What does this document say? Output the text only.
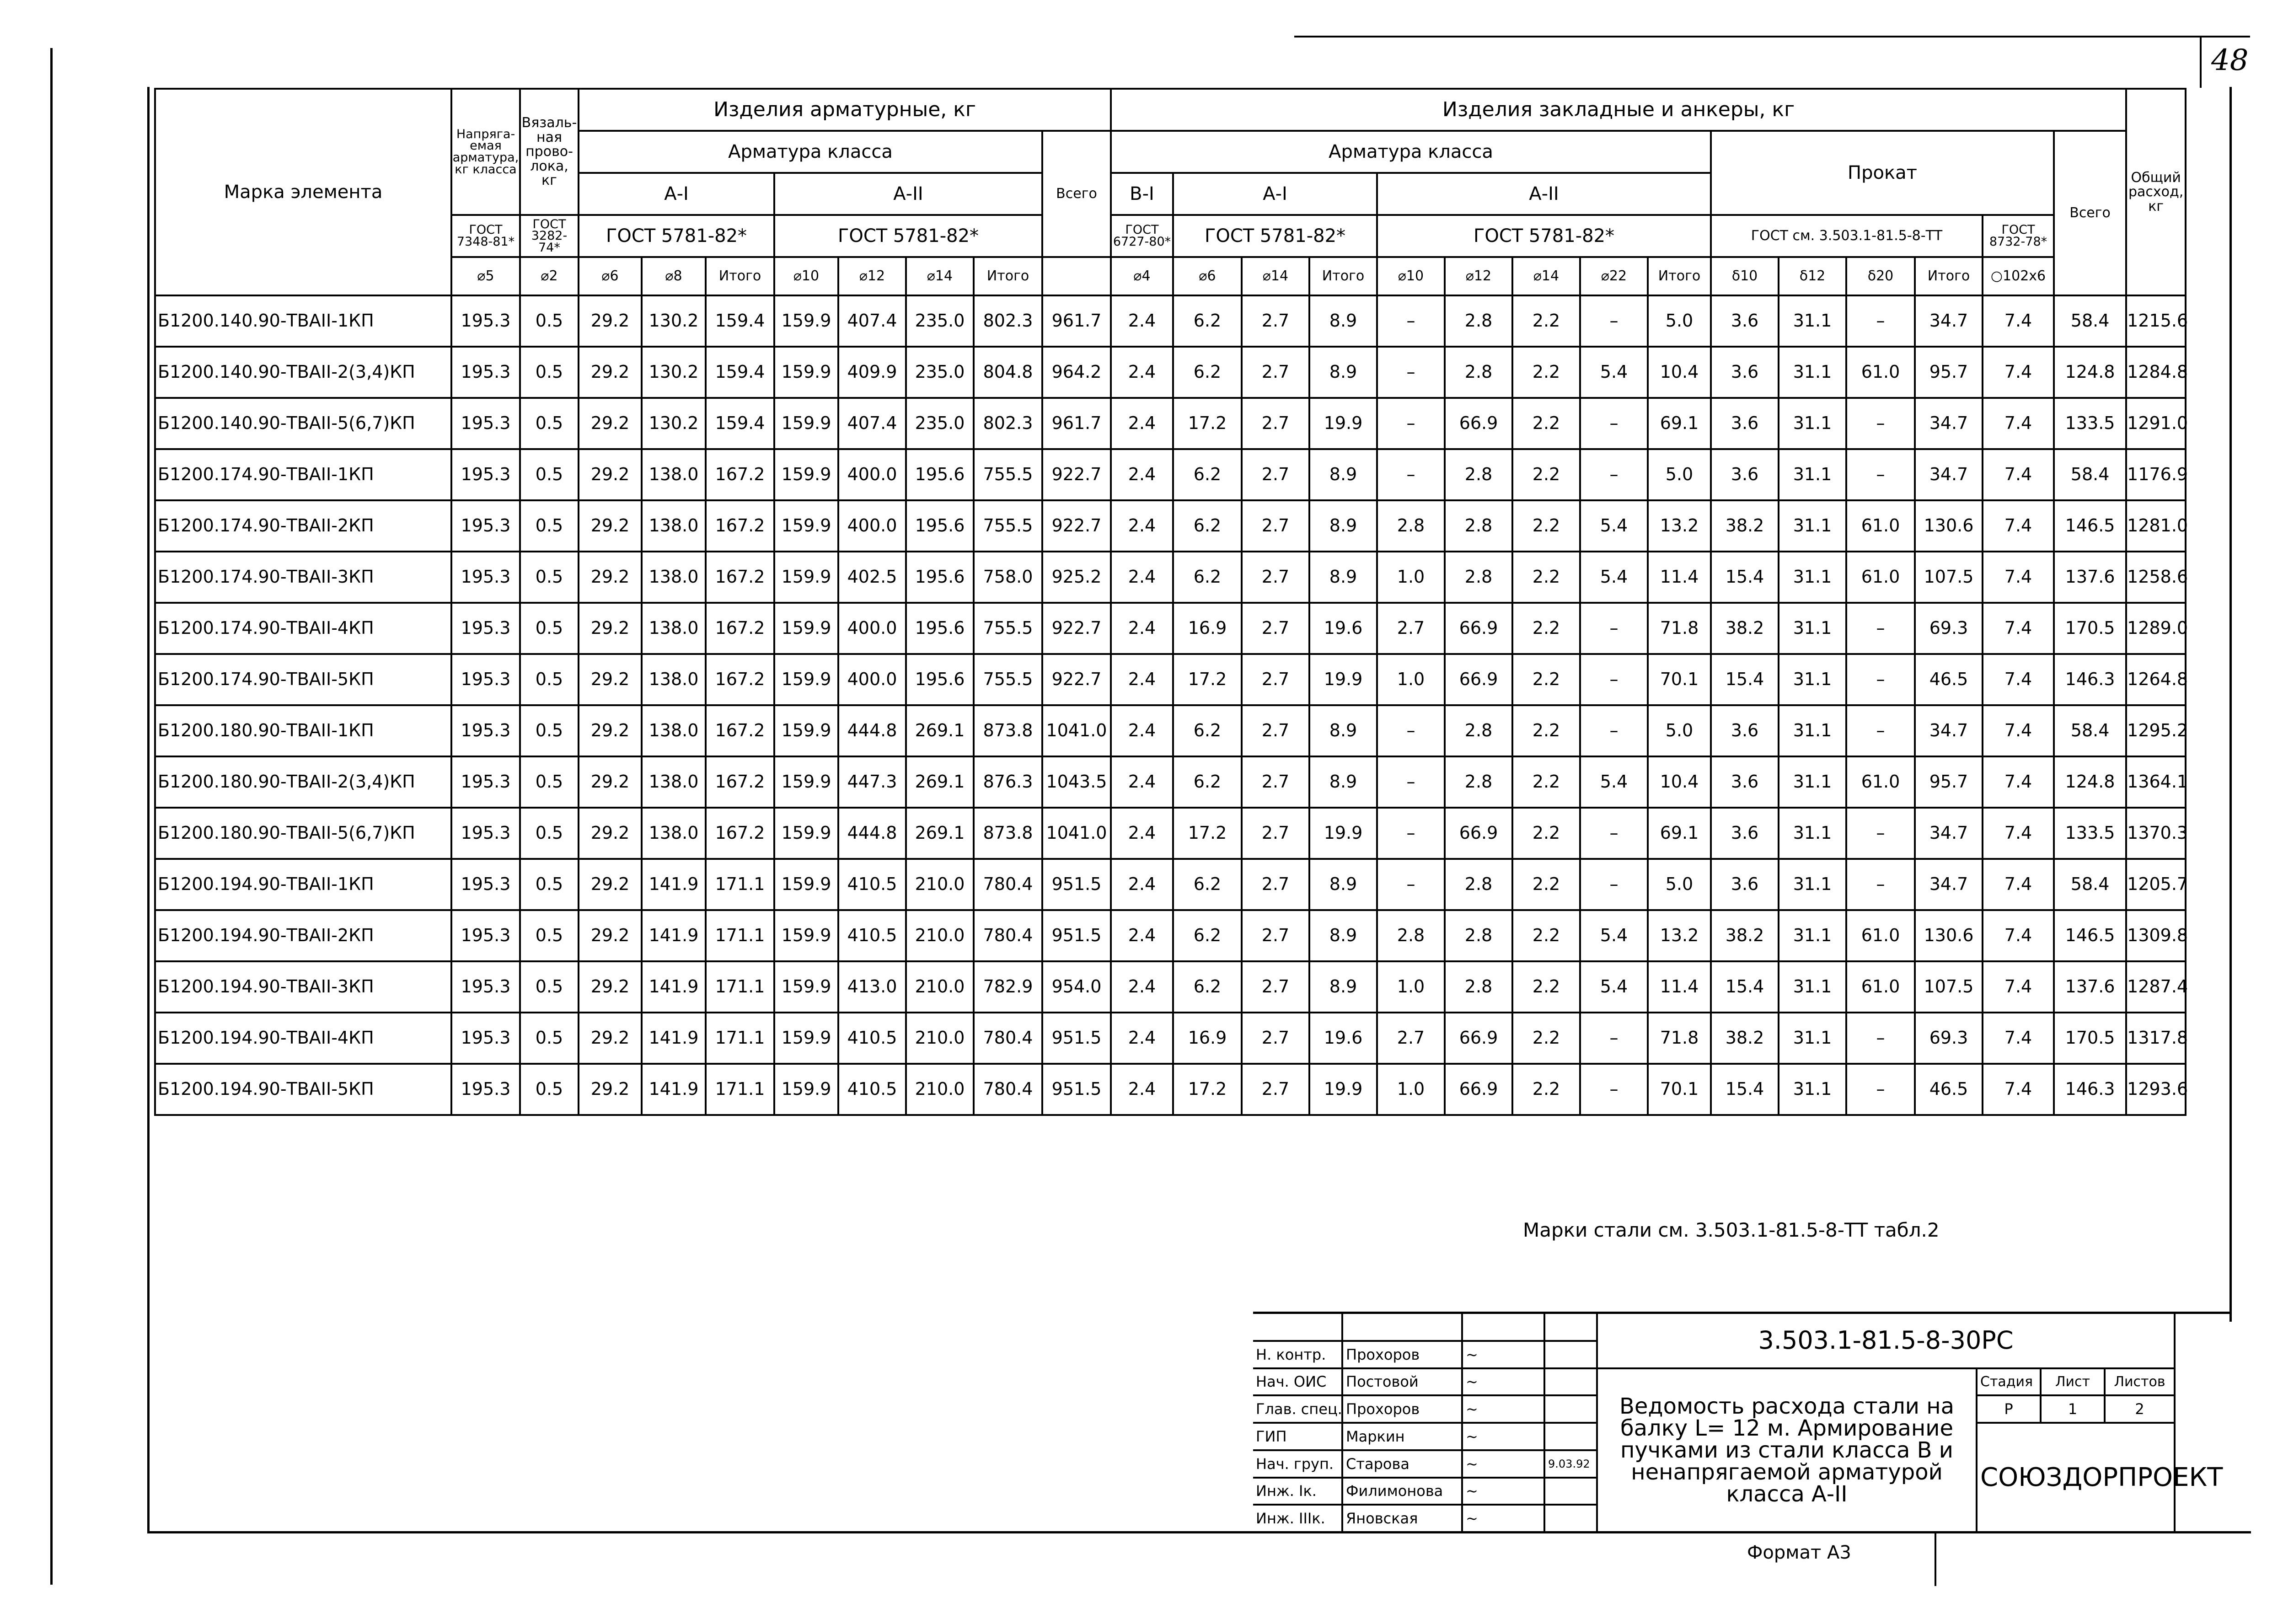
48
Марка элемента	Напрягаемая арматура, кг класса	Вязальная проволока, кг	Изделия арматурные, кг								Изделия закладные и анкеры, кг															Общий расход, кг
			Арматура класса							Всего	Арматура класса									Прокат					Всего	
			А-I			А-II					В-I	А-I			А-II											
	ГОСТ 7348-81*	ГОСТ 3282-74*	ГОСТ 5781-82*			ГОСТ 5781-82*					ГОСТ 6727-80*	ГОСТ 5781-82*			ГОСТ 5781-82*					ГОСТ см. 3.503.1-81.5-8-ТТ				ГОСТ 8732-78*		
	⌀5	⌀2	⌀6	⌀8	Итого	⌀10	⌀12	⌀14	Итого		⌀4	⌀6	⌀14	Итого	⌀10	⌀12	⌀14	⌀22	Итого	δ10	δ12	δ20	Итого	○102x6		
Б1200.140.90-ТВАII-1КП	195.3	0.5	29.2	130.2	159.4	159.9	407.4	235.0	802.3	961.7	2.4	6.2	2.7	8.9	–	2.8	2.2	–	5.0	3.6	31.1	–	34.7	7.4	58.4	1215.6
Б1200.140.90-ТВАII-2(3,4)КП	195.3	0.5	29.2	130.2	159.4	159.9	409.9	235.0	804.8	964.2	2.4	6.2	2.7	8.9	–	2.8	2.2	5.4	10.4	3.6	31.1	61.0	95.7	7.4	124.8	1284.8
Б1200.140.90-ТВАII-5(6,7)КП	195.3	0.5	29.2	130.2	159.4	159.9	407.4	235.0	802.3	961.7	2.4	17.2	2.7	19.9	–	66.9	2.2	–	69.1	3.6	31.1	–	34.7	7.4	133.5	1291.0
Б1200.174.90-ТВАII-1КП	195.3	0.5	29.2	138.0	167.2	159.9	400.0	195.6	755.5	922.7	2.4	6.2	2.7	8.9	–	2.8	2.2	–	5.0	3.6	31.1	–	34.7	7.4	58.4	1176.9
Б1200.174.90-ТВАII-2КП	195.3	0.5	29.2	138.0	167.2	159.9	400.0	195.6	755.5	922.7	2.4	6.2	2.7	8.9	2.8	2.8	2.2	5.4	13.2	38.2	31.1	61.0	130.6	7.4	146.5	1281.0
Б1200.174.90-ТВАII-3КП	195.3	0.5	29.2	138.0	167.2	159.9	402.5	195.6	758.0	925.2	2.4	6.2	2.7	8.9	1.0	2.8	2.2	5.4	11.4	15.4	31.1	61.0	107.5	7.4	137.6	1258.6
Б1200.174.90-ТВАII-4КП	195.3	0.5	29.2	138.0	167.2	159.9	400.0	195.6	755.5	922.7	2.4	16.9	2.7	19.6	2.7	66.9	2.2	–	71.8	38.2	31.1	–	69.3	7.4	170.5	1289.0
Б1200.174.90-ТВАII-5КП	195.3	0.5	29.2	138.0	167.2	159.9	400.0	195.6	755.5	922.7	2.4	17.2	2.7	19.9	1.0	66.9	2.2	–	70.1	15.4	31.1	–	46.5	7.4	146.3	1264.8
Б1200.180.90-ТВАII-1КП	195.3	0.5	29.2	138.0	167.2	159.9	444.8	269.1	873.8	1041.0	2.4	6.2	2.7	8.9	–	2.8	2.2	–	5.0	3.6	31.1	–	34.7	7.4	58.4	1295.2
Б1200.180.90-ТВАII-2(3,4)КП	195.3	0.5	29.2	138.0	167.2	159.9	447.3	269.1	876.3	1043.5	2.4	6.2	2.7	8.9	–	2.8	2.2	5.4	10.4	3.6	31.1	61.0	95.7	7.4	124.8	1364.1
Б1200.180.90-ТВАII-5(6,7)КП	195.3	0.5	29.2	138.0	167.2	159.9	444.8	269.1	873.8	1041.0	2.4	17.2	2.7	19.9	–	66.9	2.2	–	69.1	3.6	31.1	–	34.7	7.4	133.5	1370.3
Б1200.194.90-ТВАII-1КП	195.3	0.5	29.2	141.9	171.1	159.9	410.5	210.0	780.4	951.5	2.4	6.2	2.7	8.9	–	2.8	2.2	–	5.0	3.6	31.1	–	34.7	7.4	58.4	1205.7
Б1200.194.90-ТВАII-2КП	195.3	0.5	29.2	141.9	171.1	159.9	410.5	210.0	780.4	951.5	2.4	6.2	2.7	8.9	2.8	2.8	2.2	5.4	13.2	38.2	31.1	61.0	130.6	7.4	146.5	1309.8
Б1200.194.90-ТВАII-3КП	195.3	0.5	29.2	141.9	171.1	159.9	413.0	210.0	782.9	954.0	2.4	6.2	2.7	8.9	1.0	2.8	2.2	5.4	11.4	15.4	31.1	61.0	107.5	7.4	137.6	1287.4
Б1200.194.90-ТВАII-4КП	195.3	0.5	29.2	141.9	171.1	159.9	410.5	210.0	780.4	951.5	2.4	16.9	2.7	19.6	2.7	66.9	2.2	–	71.8	38.2	31.1	–	69.3	7.4	170.5	1317.8
Б1200.194.90-ТВАII-5КП	195.3	0.5	29.2	141.9	171.1	159.9	410.5	210.0	780.4	951.5	2.4	17.2	2.7	19.9	1.0	66.9	2.2	–	70.1	15.4	31.1	–	46.5	7.4	146.3	1293.6
Марки стали см. 3.503.1-81.5-8-ТТ табл.2
				3.503.1-81.5-8-30РС			
Н. контр.	Прохоров	~					
Нач. ОИС	Постовой	~		Ведомость расхода стали на балку L= 12 м. Армирование пучками из стали класса В и ненапрягаемой арматурой класса А-II	Стадия	Лист	Листов
Глав. спец.	Прохоров	~			Р	1	2
ГИП	Маркин	~			СОЮЗДОРПРОЕКТ		
Нач. груп.	Старова	~	9.03.92				
Инж. Iк.	Филимонова	~					
Инж. IIIк.	Яновская	~					
Формат А3
